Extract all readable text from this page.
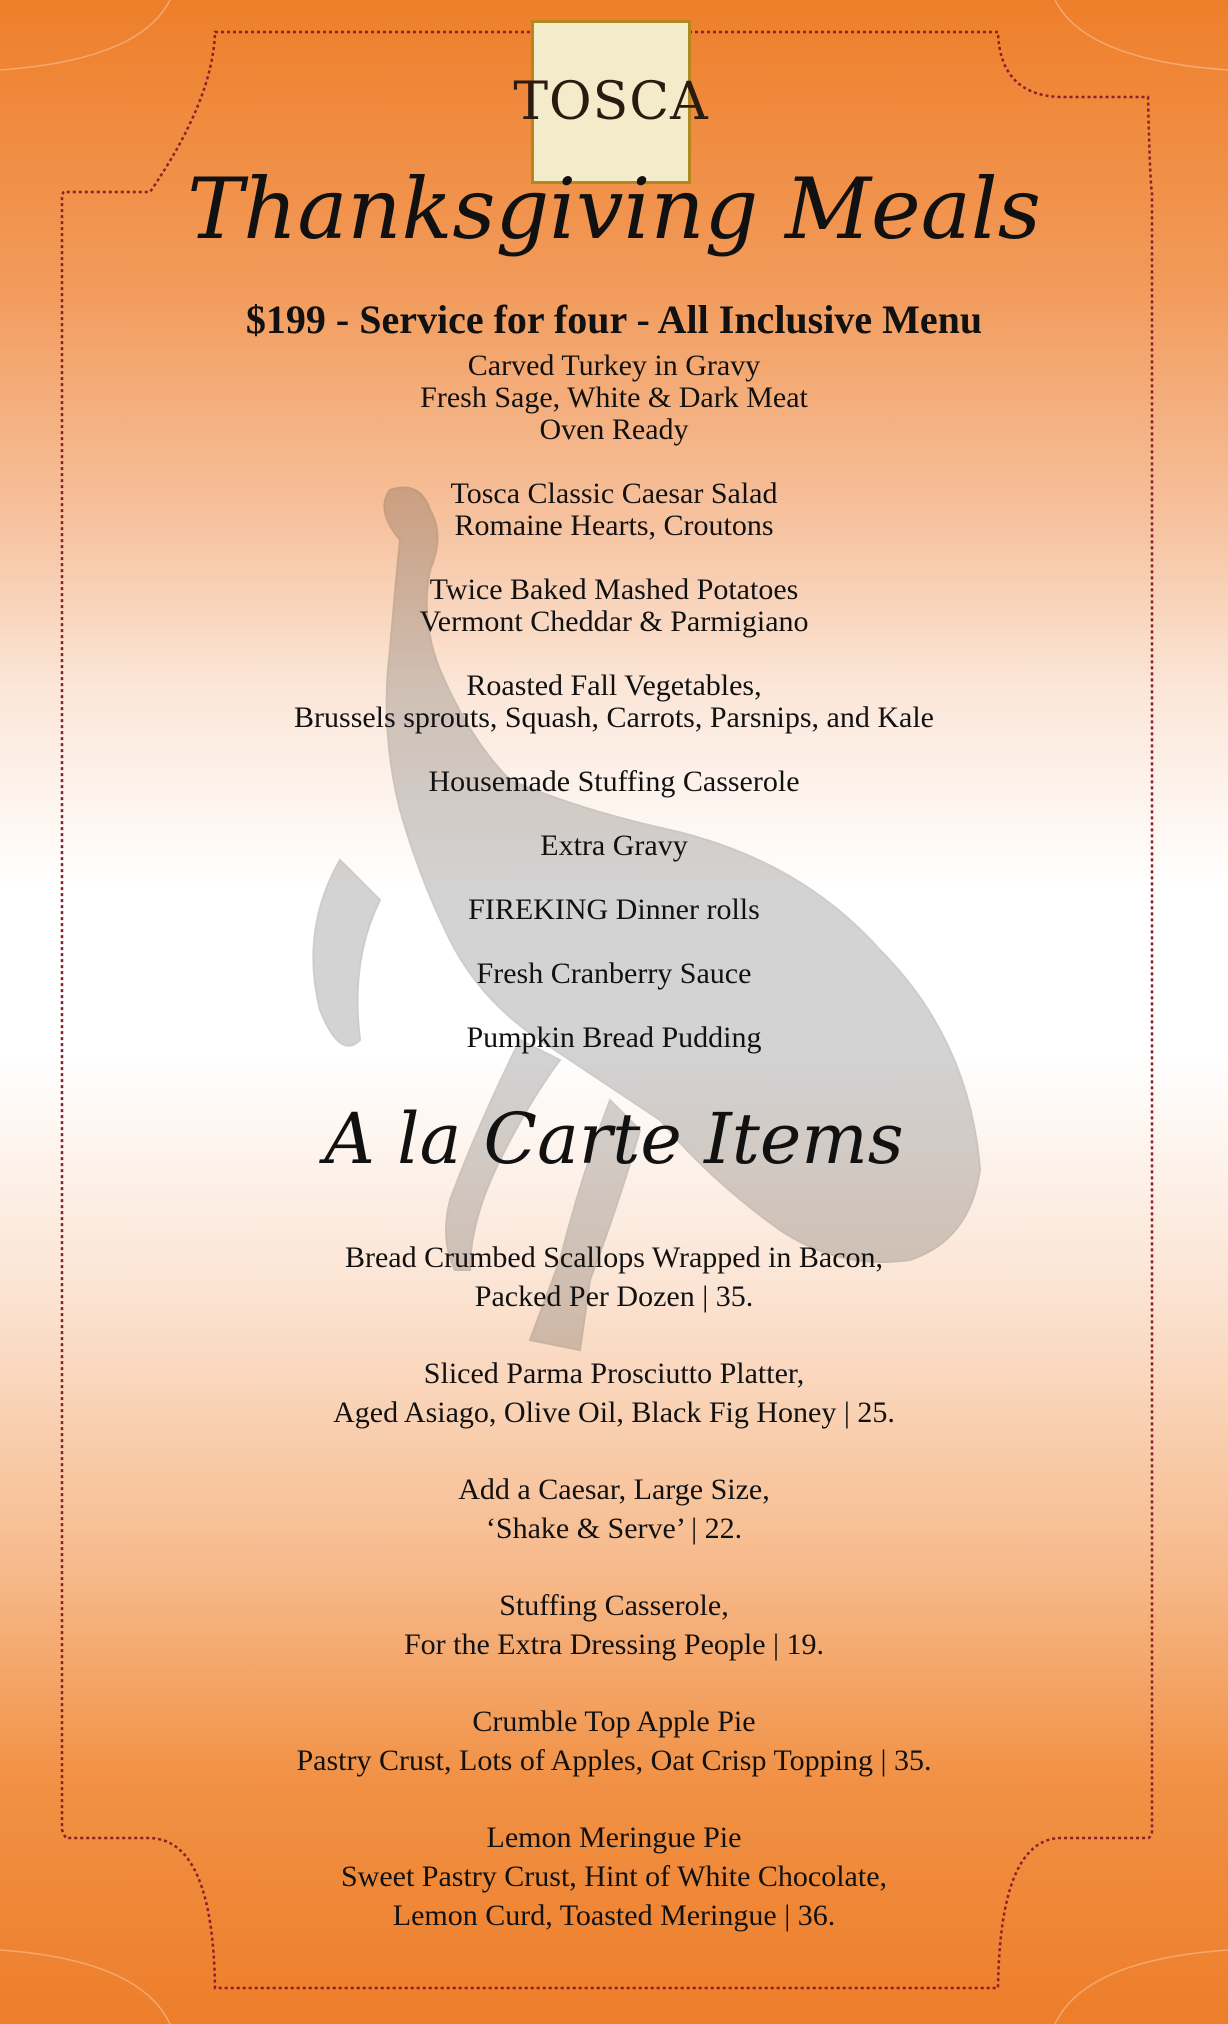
TOSCA
Thanksgiving Meals
$199 - Service for four - All Inclusive Menu
Carved Turkey in Gravy
Fresh Sage, White & Dark Meat
Oven Ready
Tosca Classic Caesar Salad
Romaine Hearts, Croutons
Twice Baked Mashed Potatoes
Vermont Cheddar & Parmigiano
Roasted Fall Vegetables,
Brussels sprouts, Squash, Carrots, Parsnips, and Kale
Housemade Stuffing Casserole
Extra Gravy
FIREKING Dinner rolls
Fresh Cranberry Sauce
Pumpkin Bread Pudding
A la Carte Items
Bread Crumbed Scallops Wrapped in Bacon,
Packed Per Dozen | 35.
Sliced Parma Prosciutto Platter,
Aged Asiago, Olive Oil, Black Fig Honey | 25.
Add a Caesar, Large Size,
‘Shake & Serve’ | 22.
Stuffing Casserole,
For the Extra Dressing People | 19.
Crumble Top Apple Pie
Pastry Crust, Lots of Apples, Oat Crisp Topping | 35.
Lemon Meringue Pie
Sweet Pastry Crust, Hint of White Chocolate,
Lemon Curd, Toasted Meringue | 36.
